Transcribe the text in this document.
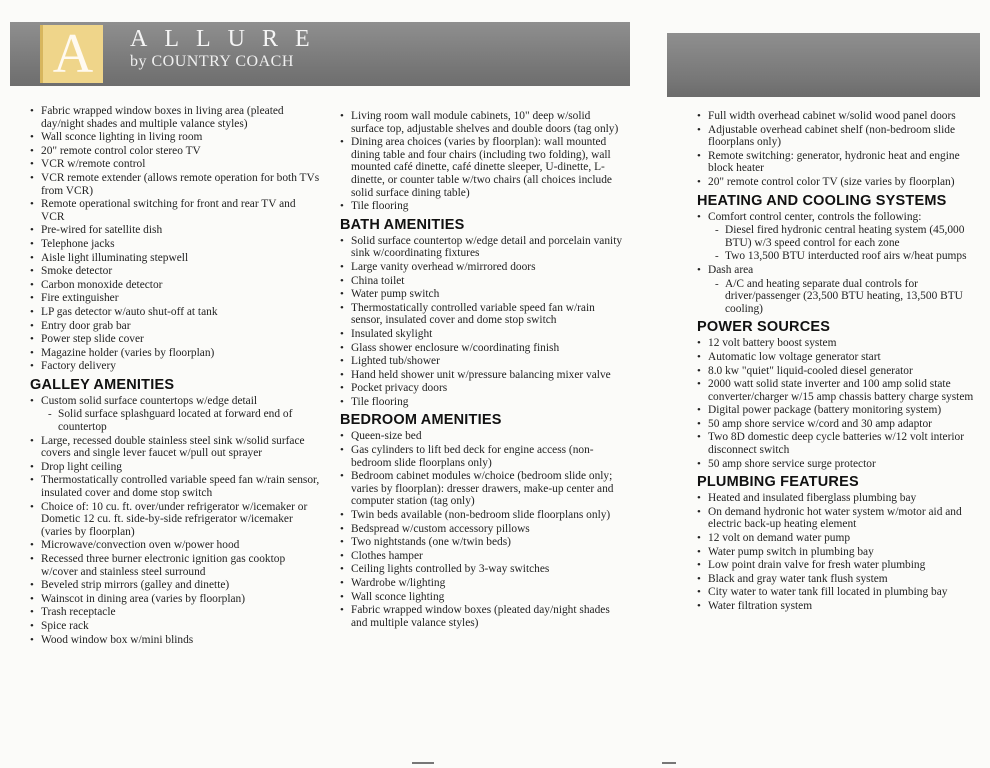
A	ALLURE
by COUNTRY COACH
• Fabric wrapped window boxes in living area (pleated day/night shades and multiple valance styles)
• Wall sconce lighting in living room
• 20" remote control color stereo TV
• VCR w/remote control
• VCR remote extender (allows remote operation for both TVs from VCR)
• Remote operational switching for front and rear TV and VCR
• Pre-wired for satellite dish
• Telephone jacks
• Aisle light illuminating stepwell
• Smoke detector
• Carbon monoxide detector
• Fire extinguisher
• LP gas detector w/auto shut-off at tank
• Entry door grab bar
• Power step slide cover
• Magazine holder (varies by floorplan)
• Factory delivery
GALLEY AMENITIES
• Custom solid surface countertops w/edge detail
- Solid surface splashguard located at forward end of countertop
• Large, recessed double stainless steel sink w/solid surface covers and single lever faucet w/pull out sprayer
• Drop light ceiling
• Thermostatically controlled variable speed fan w/rain sensor, insulated cover and dome stop switch
• Choice of: 10 cu. ft. over/under refrigerator w/icemaker or Dometic 12 cu. ft. side-by-side refrigerator w/icemaker (varies by floorplan)
• Microwave/convection oven w/power hood
• Recessed three burner electronic ignition gas cooktop w/cover and stainless steel surround
• Beveled strip mirrors (galley and dinette)
• Wainscot in dining area (varies by floorplan)
• Trash receptacle
• Spice rack
• Wood window box w/mini blinds
• Living room wall module cabinets, 10" deep w/solid surface top, adjustable shelves and double doors (tag only)
• Dining area choices (varies by floorplan): wall mounted dining table and four chairs (including two folding), wall mounted café dinette, café dinette sleeper, U-dinette, L-dinette, or counter table w/two chairs (all choices include solid surface dining table)
• Tile flooring
BATH AMENITIES
• Solid surface countertop w/edge detail and porcelain vanity sink w/coordinating fixtures
• Large vanity overhead w/mirrored doors
• China toilet
• Water pump switch
• Thermostatically controlled variable speed fan w/rain sensor, insulated cover and dome stop switch
• Insulated skylight
• Glass shower enclosure w/coordinating finish
• Lighted tub/shower
• Hand held shower unit w/pressure balancing mixer valve
• Pocket privacy doors
• Tile flooring
BEDROOM AMENITIES
• Queen-size bed
• Gas cylinders to lift bed deck for engine access (non-bedroom slide floorplans only)
• Bedroom cabinet modules w/choice (bedroom slide only; varies by floorplan): dresser drawers, make-up center and computer station (tag only)
• Twin beds available (non-bedroom slide floorplans only)
• Bedspread w/custom accessory pillows
• Two nightstands (one w/twin beds)
• Clothes hamper
• Ceiling lights controlled by 3-way switches
• Wardrobe w/lighting
• Wall sconce lighting
• Fabric wrapped window boxes (pleated day/night shades and multiple valance styles)
• Full width overhead cabinet w/solid wood panel doors
• Adjustable overhead cabinet shelf (non-bedroom slide floorplans only)
• Remote switching: generator, hydronic heat and engine block heater
• 20" remote control color TV (size varies by floorplan)
HEATING AND COOLING SYSTEMS
• Comfort control center, controls the following:
- Diesel fired hydronic central heating system (45,000 BTU) w/3 speed control for each zone
- Two 13,500 BTU interducted roof airs w/heat pumps
• Dash area
- A/C and heating separate dual controls for driver/passenger (23,500 BTU heating, 13,500 BTU cooling)
POWER SOURCES
• 12 volt battery boost system
• Automatic low voltage generator start
• 8.0 kw "quiet" liquid-cooled diesel generator
• 2000 watt solid state inverter and 100 amp solid state converter/charger w/15 amp chassis battery charge system
• Digital power package (battery monitoring system)
• 50 amp shore service w/cord and 30 amp adaptor
• Two 8D domestic deep cycle batteries w/12 volt interior disconnect switch
• 50 amp shore service surge protector
PLUMBING FEATURES
• Heated and insulated fiberglass plumbing bay
• On demand hydronic hot water system w/motor aid and electric back-up heating element
• 12 volt on demand water pump
• Water pump switch in plumbing bay
• Low point drain valve for fresh water plumbing
• Black and gray water tank flush system
• City water to water tank fill located in plumbing bay
• Water filtration system
